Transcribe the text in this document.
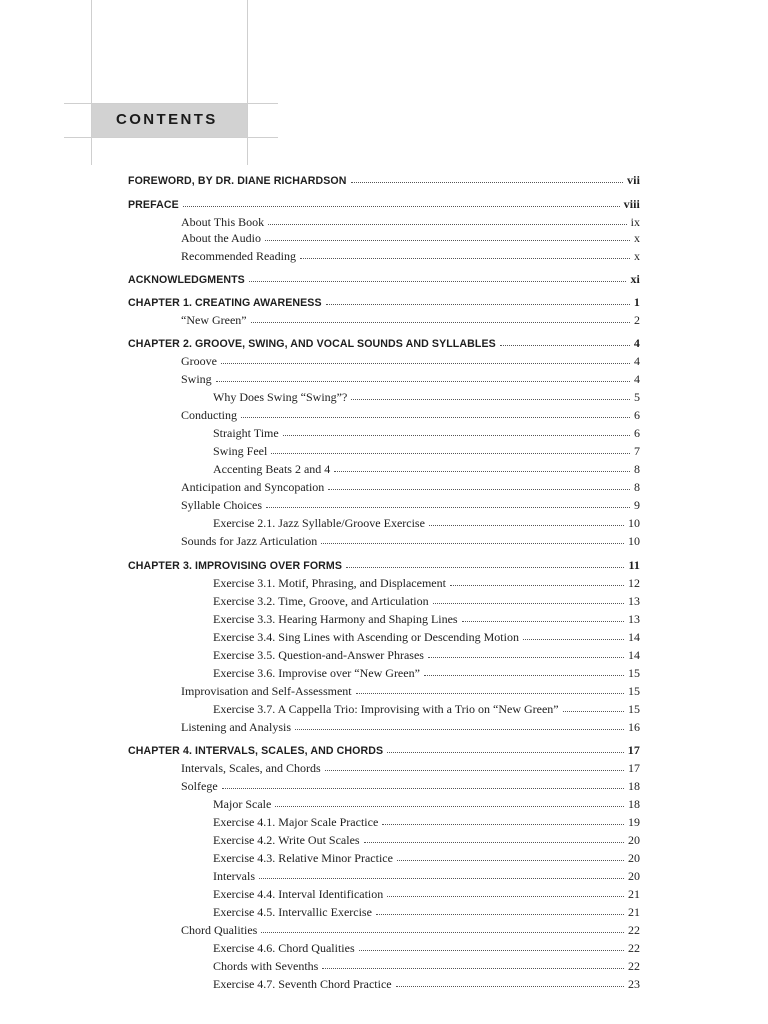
CONTENTS
FOREWORD, BY DR. DIANE RICHARDSON	vii
PREFACE	viii
About This Book	ix
About the Audio	x
Recommended Reading	x
ACKNOWLEDGMENTS	xi
CHAPTER 1. CREATING AWARENESS	1
“New Green”	2
CHAPTER 2. GROOVE, SWING, AND VOCAL SOUNDS AND SYLLABLES	4
Groove	4
Swing	4
Why Does Swing “Swing”?	5
Conducting	6
Straight Time	6
Swing Feel	7
Accenting Beats 2 and 4	8
Anticipation and Syncopation	8
Syllable Choices	9
Exercise 2.1. Jazz Syllable/Groove Exercise	10
Sounds for Jazz Articulation	10
CHAPTER 3. IMPROVISING OVER FORMS	11
Exercise 3.1. Motif, Phrasing, and Displacement	12
Exercise 3.2. Time, Groove, and Articulation	13
Exercise 3.3. Hearing Harmony and Shaping Lines	13
Exercise 3.4. Sing Lines with Ascending or Descending Motion	14
Exercise 3.5. Question-and-Answer Phrases	14
Exercise 3.6. Improvise over “New Green”	15
Improvisation and Self-Assessment	15
Exercise 3.7. A Cappella Trio: Improvising with a Trio on “New Green”	15
Listening and Analysis	16
CHAPTER 4. INTERVALS, SCALES, AND CHORDS	17
Intervals, Scales, and Chords	17
Solfege	18
Major Scale	18
Exercise 4.1. Major Scale Practice	19
Exercise 4.2. Write Out Scales	20
Exercise 4.3. Relative Minor Practice	20
Intervals	20
Exercise 4.4. Interval Identification	21
Exercise 4.5. Intervallic Exercise	21
Chord Qualities	22
Exercise 4.6. Chord Qualities	22
Chords with Sevenths	22
Exercise 4.7. Seventh Chord Practice	23
